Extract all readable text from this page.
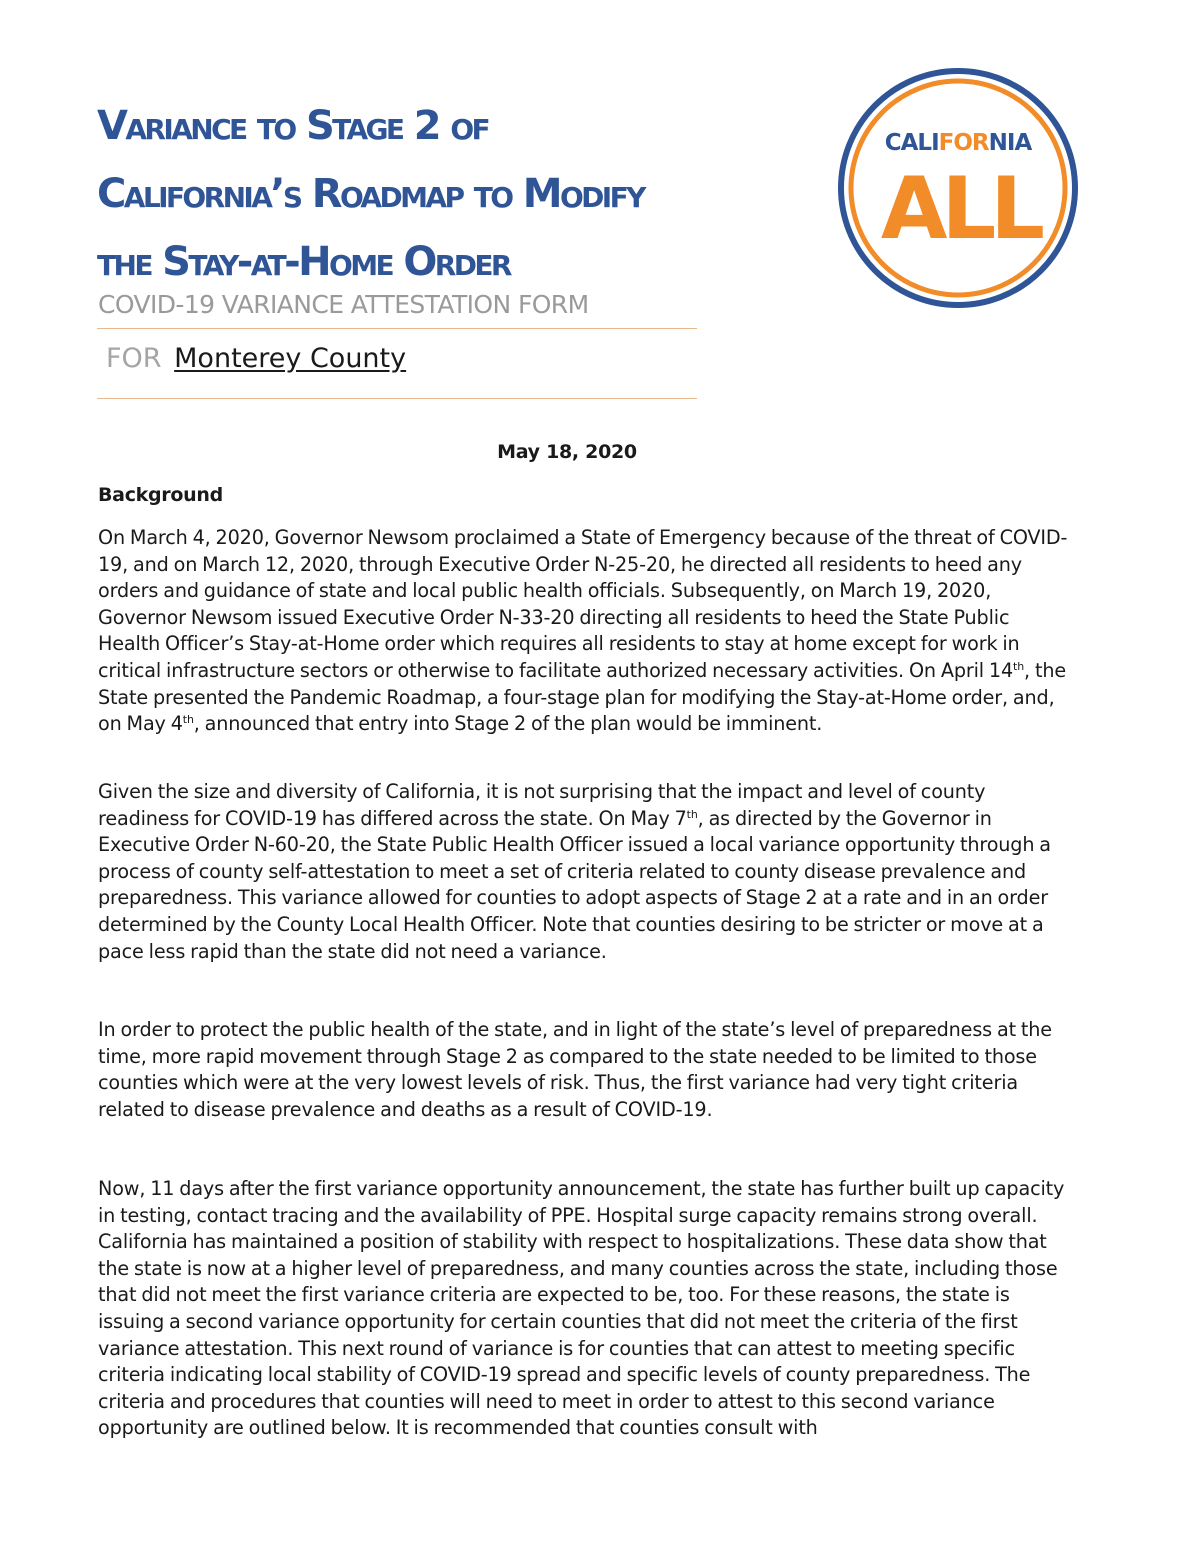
Variance to Stage 2 of
California’s Roadmap to Modify
the Stay-at-Home Order
CALIFORNIA
ALL
COVID-19 VARIANCE ATTESTATION FORM
FOR Monterey County
May 18, 2020
Background

On March 4, 2020, Governor Newsom proclaimed a State of Emergency because of the threat of COVID-19, and on March 12, 2020, through Executive Order N-25-20, he directed all residents to heed any orders and guidance of state and local public health officials. Subsequently, on March 19, 2020, Governor Newsom issued Executive Order N-33-20 directing all residents to heed the State Public Health Officer’s Stay-at-Home order which requires all residents to stay at home except for work in critical infrastructure sectors or otherwise to facilitate authorized necessary activities. On April 14th, the State presented the Pandemic Roadmap, a four-stage plan for modifying the Stay-at-Home order, and, on May 4th, announced that entry into Stage 2 of the plan would be imminent.

Given the size and diversity of California, it is not surprising that the impact and level of county readiness for COVID-19 has differed across the state. On May 7th, as directed by the Governor in Executive Order N-60-20, the State Public Health Officer issued a local variance opportunity through a process of county self-attestation to meet a set of criteria related to county disease prevalence and preparedness. This variance allowed for counties to adopt aspects of Stage 2 at a rate and in an order determined by the County Local Health Officer. Note that counties desiring to be stricter or move at a pace less rapid than the state did not need a variance.

In order to protect the public health of the state, and in light of the state’s level of preparedness at the time, more rapid movement through Stage 2 as compared to the state needed to be limited to those counties which were at the very lowest levels of risk. Thus, the first variance had very tight criteria related to disease prevalence and deaths as a result of COVID-19.

Now, 11 days after the first variance opportunity announcement, the state has further built up capacity in testing, contact tracing and the availability of PPE. Hospital surge capacity remains strong overall. California has maintained a position of stability with respect to hospitalizations. These data show that the state is now at a higher level of preparedness, and many counties across the state, including those that did not meet the first variance criteria are expected to be, too. For these reasons, the state is issuing a second variance opportunity for certain counties that did not meet the criteria of the first variance attestation. This next round of variance is for counties that can attest to meeting specific criteria indicating local stability of COVID-19 spread and specific levels of county preparedness. The criteria and procedures that counties will need to meet in order to attest to this second variance opportunity are outlined below. It is recommended that counties consult with
